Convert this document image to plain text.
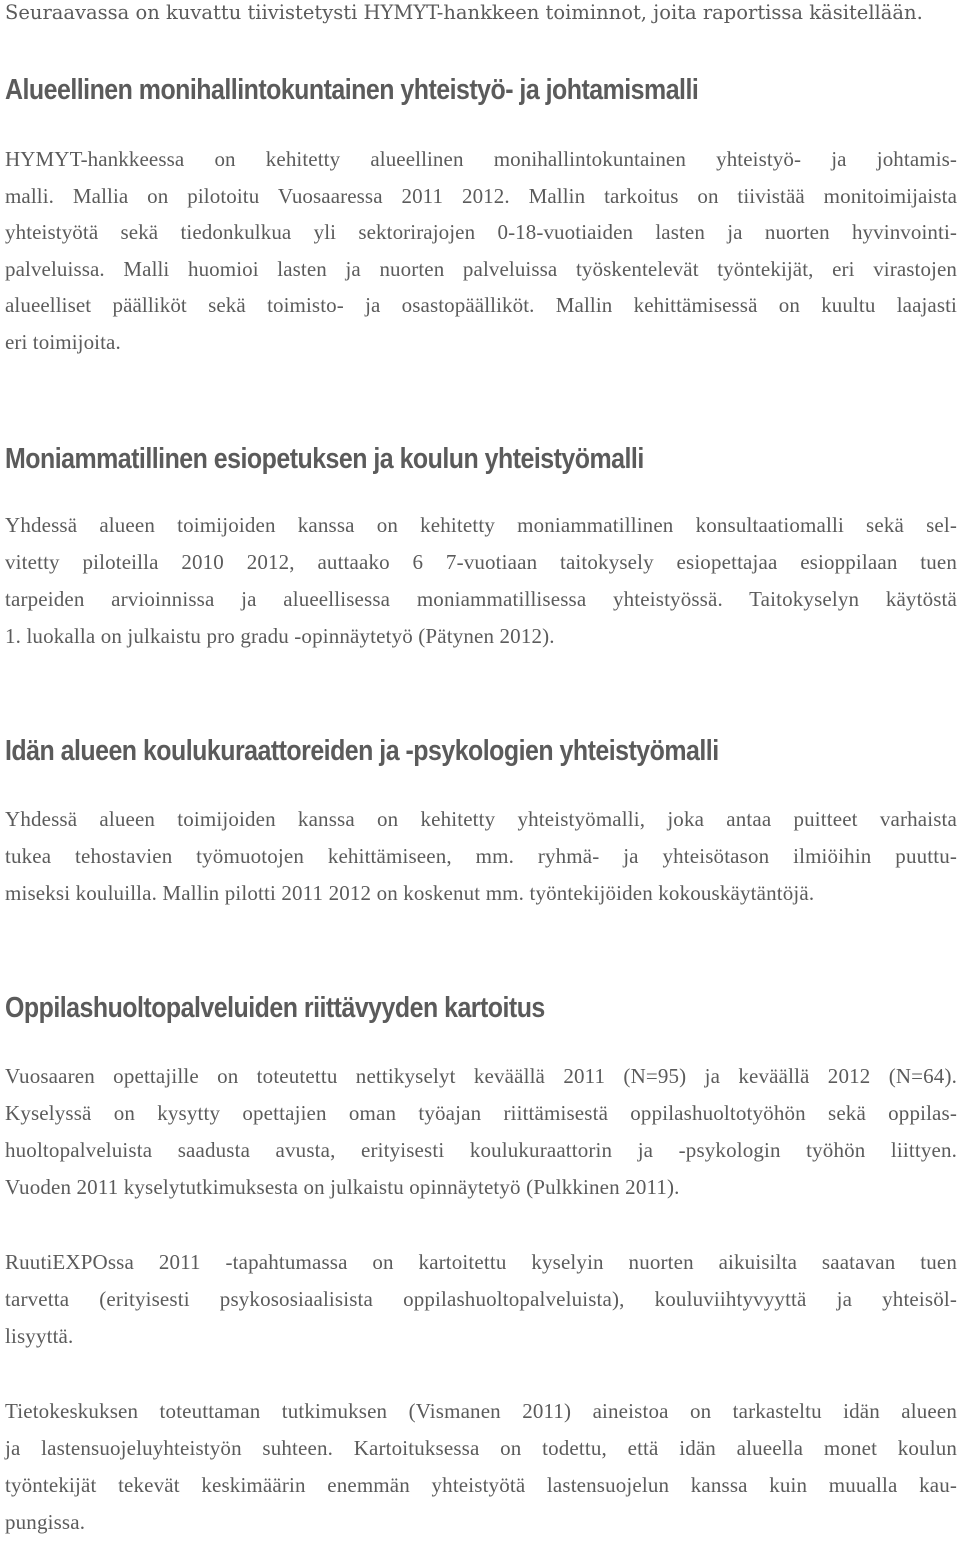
Seuraavassa on kuvattu tiivistetysti HYMYT-hankkeen toiminnot, joita raportissa käsitellään.
Alueellinen monihallintokuntainen yhteistyö- ja johtamismalli
HYMYT-hankkeessa on kehitetty alueellinen monihallintokuntainen yhteistyö- ja johtamis-
malli. Mallia on pilotoitu Vuosaaressa 2011 2012. Mallin tarkoitus on tiivistää monitoimijaista
yhteistyötä sekä tiedonkulkua yli sektorirajojen 0-18-vuotiaiden lasten ja nuorten hyvinvointi-
palveluissa. Malli huomioi lasten ja nuorten palveluissa työskentelevät työntekijät, eri virastojen
alueelliset päälliköt sekä toimisto- ja osastopäälliköt. Mallin kehittämisessä on kuultu laajasti
eri toimijoita.
Moniammatillinen esiopetuksen ja koulun yhteistyömalli
Yhdessä alueen toimijoiden kanssa on kehitetty moniammatillinen konsultaatiomalli sekä sel-
vitetty piloteilla 2010 2012, auttaako 6 7-vuotiaan taitokysely esiopettajaa esioppilaan tuen
tarpeiden arvioinnissa ja alueellisessa moniammatillisessa yhteistyössä. Taitokyselyn käytöstä
1. luokalla on julkaistu pro gradu -opinnäytetyö (Pätynen 2012).
Idän alueen koulukuraattoreiden ja -psykologien yhteistyömalli
Yhdessä alueen toimijoiden kanssa on kehitetty yhteistyömalli, joka antaa puitteet varhaista
tukea tehostavien työmuotojen kehittämiseen, mm. ryhmä- ja yhteisötason ilmiöihin puuttu-
miseksi kouluilla. Mallin pilotti 2011 2012 on koskenut mm. työntekijöiden kokouskäytäntöjä.
Oppilashuoltopalveluiden riittävyyden kartoitus
Vuosaaren opettajille on toteutettu nettikyselyt keväällä 2011 (N=95) ja keväällä 2012 (N=64).
Kyselyssä on kysytty opettajien oman työajan riittämisestä oppilashuoltotyöhön sekä oppilas-
huoltopalveluista saadusta avusta, erityisesti koulukuraattorin ja -psykologin työhön liittyen.
Vuoden 2011 kyselytutkimuksesta on julkaistu opinnäytetyö (Pulkkinen 2011).
RuutiEXPOssa 2011 -tapahtumassa on kartoitettu kyselyin nuorten aikuisilta saatavan tuen
tarvetta (erityisesti psykososiaalisista oppilashuoltopalveluista), kouluviihtyvyyttä ja yhteisöl-
lisyyttä.
Tietokeskuksen toteuttaman tutkimuksen (Vismanen 2011) aineistoa on tarkasteltu idän alueen
ja lastensuojeluyhteistyön suhteen. Kartoituksessa on todettu, että idän alueella monet koulun
työntekijät tekevät keskimäärin enemmän yhteistyötä lastensuojelun kanssa kuin muualla kau-
pungissa.
